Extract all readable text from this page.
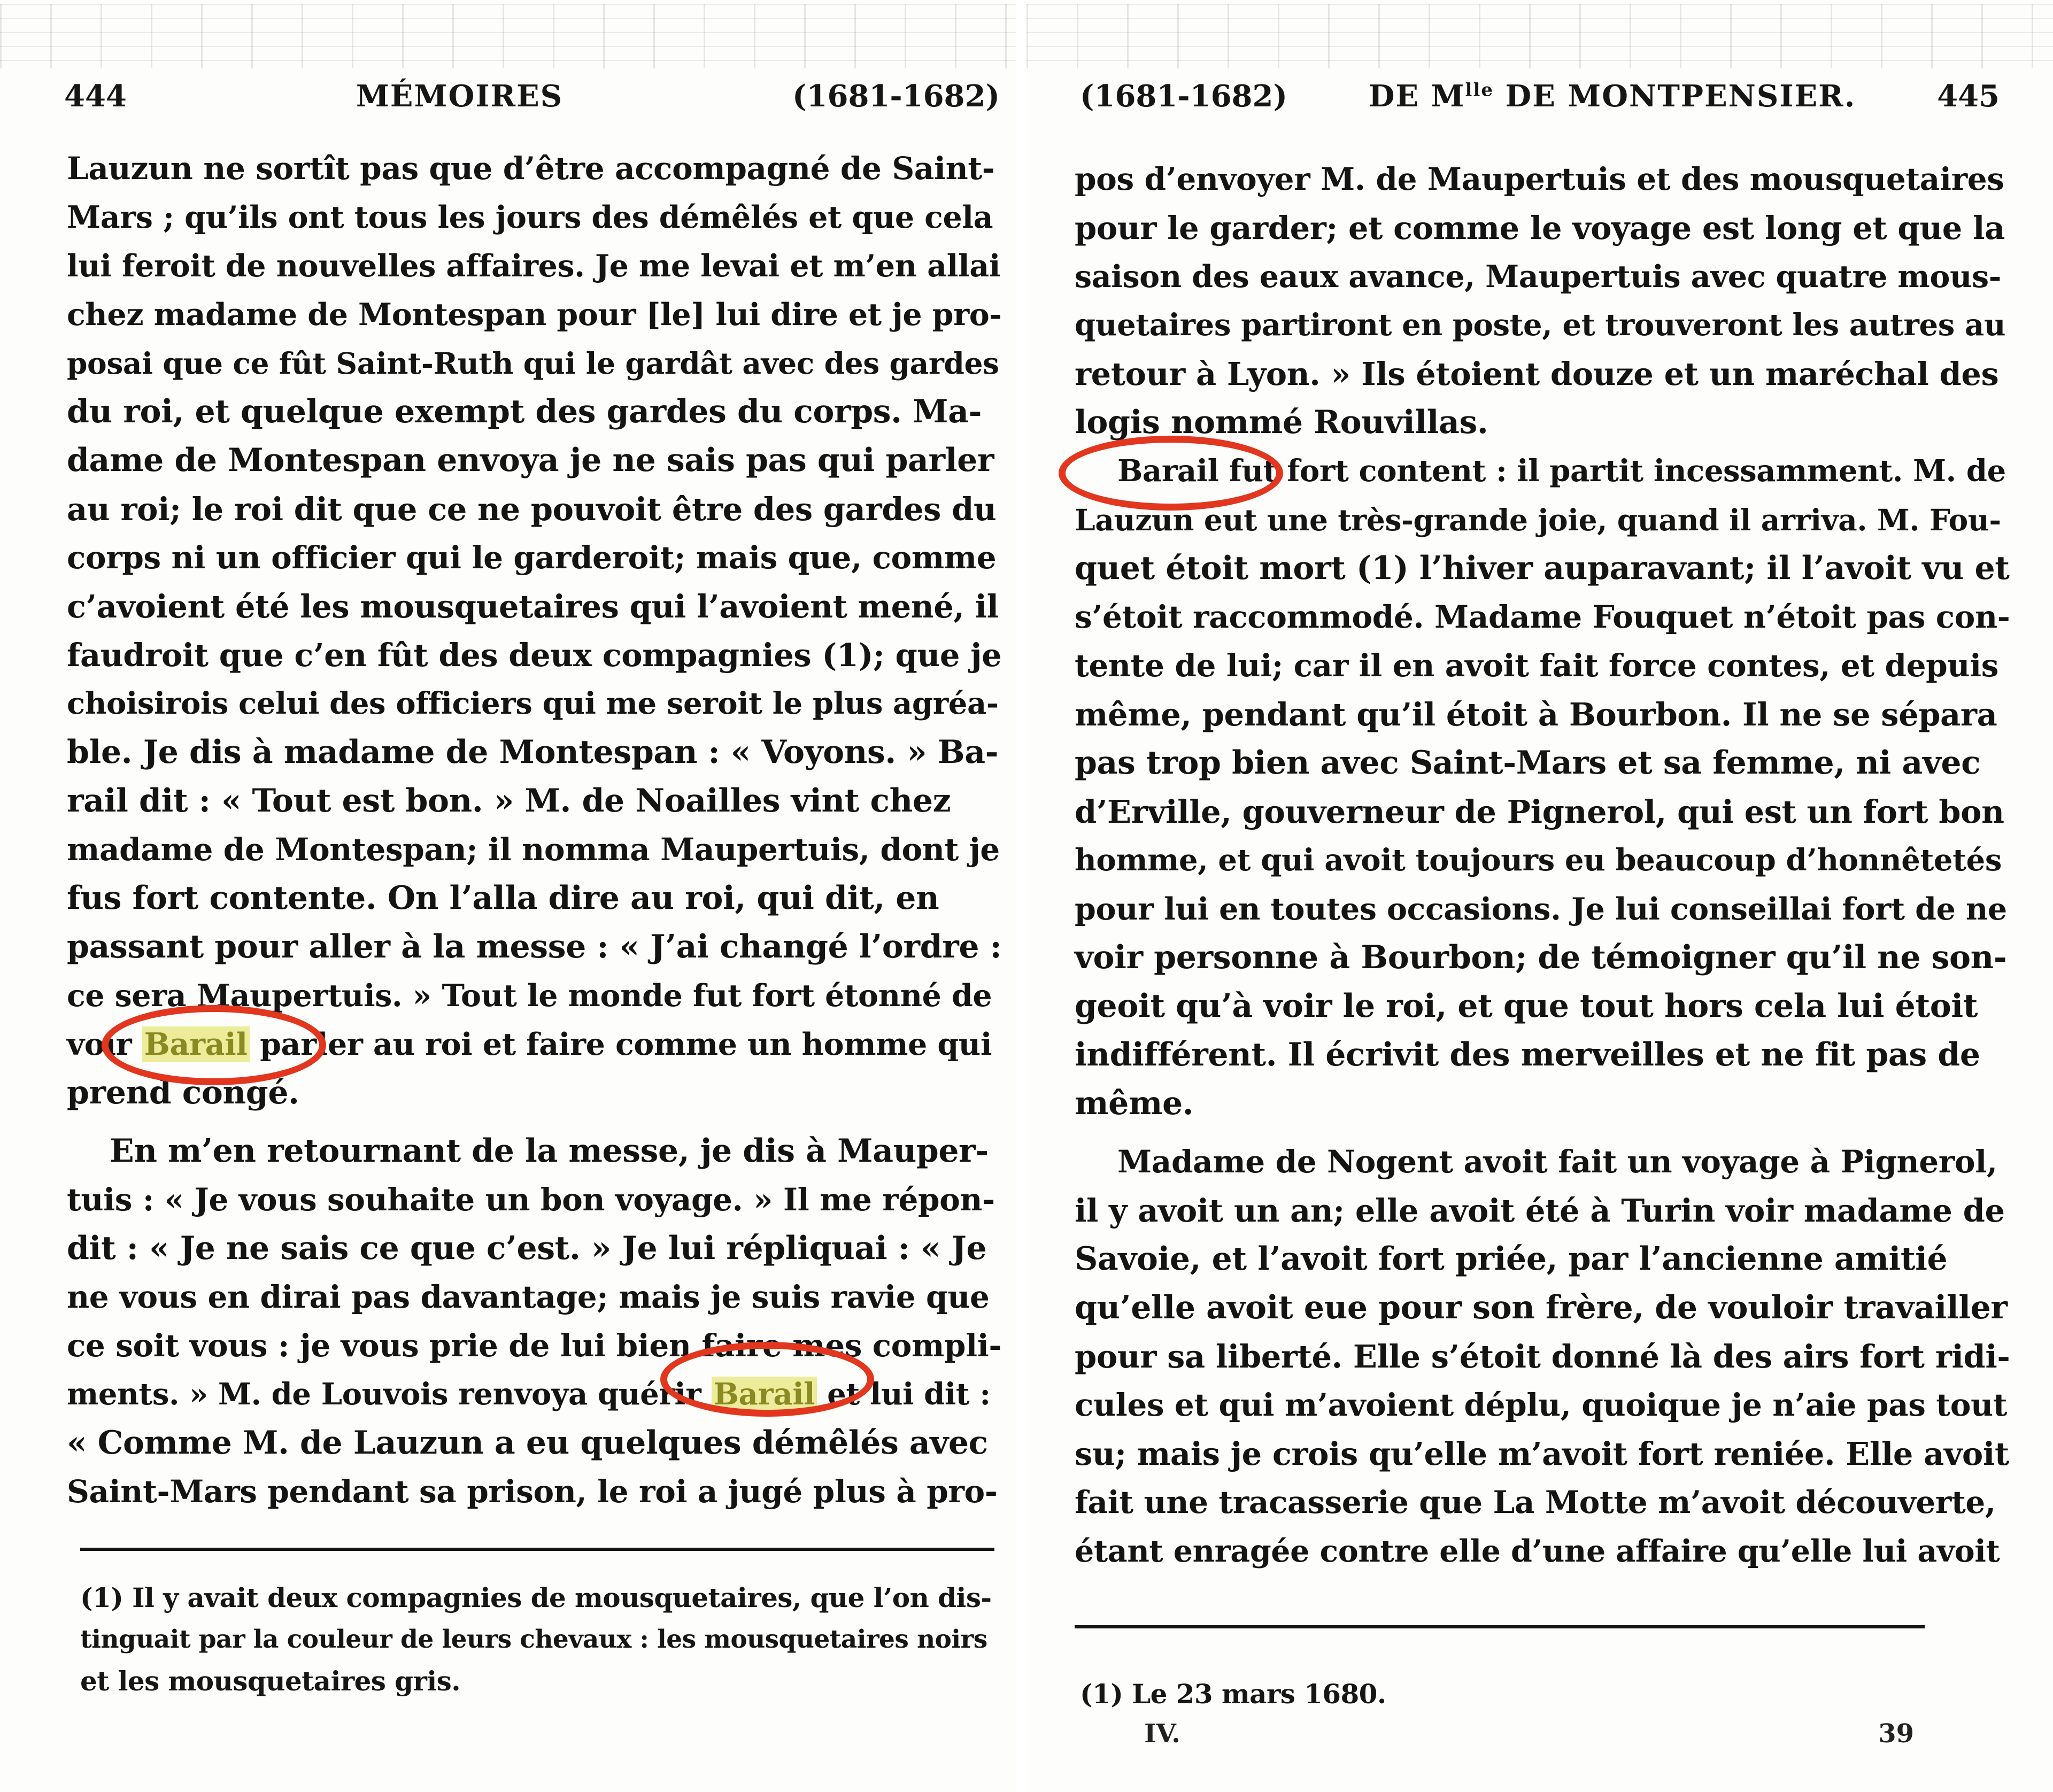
444	MÉMOIRES	(1681-1682)
Lauzun ne sortît pas que d’être accompagné de Saint-
Mars ; qu’ils ont tous les jours des démêlés et que cela
lui feroit de nouvelles affaires. Je me levai et m’en allai
chez madame de Montespan pour [le] lui dire et je pro-
posai que ce fût Saint-Ruth qui le gardât avec des gardes
du roi, et quelque exempt des gardes du corps. Ma-
dame de Montespan envoya je ne sais pas qui parler
au roi; le roi dit que ce ne pouvoit être des gardes du
corps ni un officier qui le garderoit; mais que, comme
c’avoient été les mousquetaires qui l’avoient mené, il
faudroit que c’en fût des deux compagnies (1); que je
choisirois celui des officiers qui me seroit le plus agréa-
ble. Je dis à madame de Montespan : « Voyons. » Ba-
rail dit : « Tout est bon. » M. de Noailles vint chez
madame de Montespan; il nomma Maupertuis, dont je
fus fort contente. On l’alla dire au roi, qui dit, en
passant pour aller à la messe : « J’ai changé l’ordre :
ce sera Maupertuis. » Tout le monde fut fort étonné de
voir Barail parler au roi et faire comme un homme qui
prend congé.
En m’en retournant de la messe, je dis à Mauper-
tuis : « Je vous souhaite un bon voyage. » Il me répon-
dit : « Je ne sais ce que c’est. » Je lui répliquai : « Je
ne vous en dirai pas davantage; mais je suis ravie que
ce soit vous : je vous prie de lui bien faire mes compli-
ments. » M. de Louvois renvoya quérir Barail et lui dit :
« Comme M. de Lauzun a eu quelques démêlés avec
Saint-Mars pendant sa prison, le roi a jugé plus à pro-
(1) Il y avait deux compagnies de mousquetaires, que l’on dis-
tinguait par la couleur de leurs chevaux : les mousquetaires noirs
et les mousquetaires gris.
(1681-1682)	DE $M^{lle}$ DE MONTPENSIER.	445
pos d’envoyer M. de Maupertuis et des mousquetaires
pour le garder; et comme le voyage est long et que la
saison des eaux avance, Maupertuis avec quatre mous-
quetaires partiront en poste, et trouveront les autres au
retour à Lyon. » Ils étoient douze et un maréchal des
logis nommé Rouvillas.
Barail fut fort content : il partit incessamment. M. de
Lauzun eut une très-grande joie, quand il arriva. M. Fou-
quet étoit mort (1) l’hiver auparavant; il l’avoit vu et
s’étoit raccommodé. Madame Fouquet n’étoit pas con-
tente de lui; car il en avoit fait force contes, et depuis
même, pendant qu’il étoit à Bourbon. Il ne se sépara
pas trop bien avec Saint-Mars et sa femme, ni avec
d’Erville, gouverneur de Pignerol, qui est un fort bon
homme, et qui avoit toujours eu beaucoup d’honnêtetés
pour lui en toutes occasions. Je lui conseillai fort de ne
voir personne à Bourbon; de témoigner qu’il ne son-
geoit qu’à voir le roi, et que tout hors cela lui étoit
indifférent. Il écrivit des merveilles et ne fit pas de
même.
Madame de Nogent avoit fait un voyage à Pignerol,
il y avoit un an; elle avoit été à Turin voir madame de
Savoie, et l’avoit fort priée, par l’ancienne amitié
qu’elle avoit eue pour son frère, de vouloir travailler
pour sa liberté. Elle s’étoit donné là des airs fort ridi-
cules et qui m’avoient déplu, quoique je n’aie pas tout
su; mais je crois qu’elle m’avoit fort reniée. Elle avoit
fait une tracasserie que La Motte m’avoit découverte,
étant enragée contre elle d’une affaire qu’elle lui avoit
(1) Le 23 mars 1680.
IV.	39
